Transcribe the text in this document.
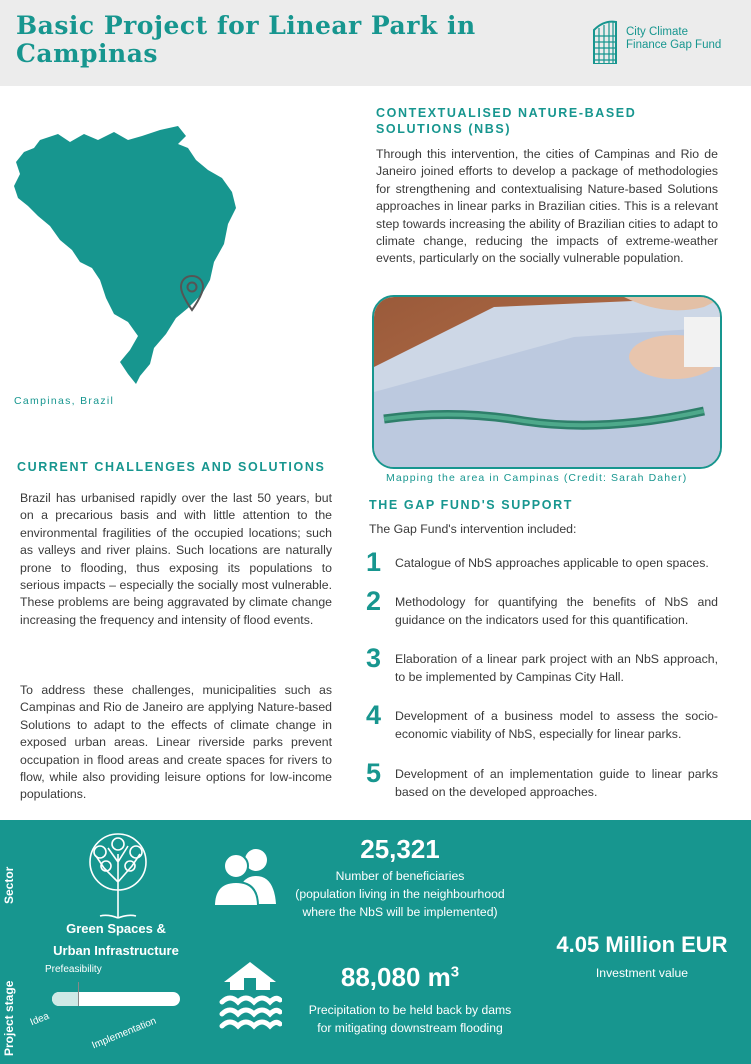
Basic Project for Linear Park in Campinas
City Climate
Finance Gap Fund
Campinas, Brazil
CONTEXTUALISED NATURE-BASED
SOLUTIONS (NBS)
Through this intervention, the cities of Campinas and Rio de Janeiro joined efforts to develop a package of methodologies for strengthening and contextualising Nature-based Solutions approaches in linear parks in Brazilian cities. This is a relevant step towards increasing the ability of Brazilian cities to adapt to climate change, reducing the impacts of extreme-weather events, particularly on the socially vulnerable population.
Mapping the area in Campinas (Credit: Sarah Daher)
CURRENT CHALLENGES AND SOLUTIONS
Brazil has urbanised rapidly over the last 50 years, but on a precarious basis and with little attention to the environmental fragilities of the occupied locations; such as valleys and river plains. Such locations are naturally prone to flooding, thus exposing its populations to serious impacts – especially the socially most vulnerable. These problems are being aggravated by climate change increasing the frequency and intensity of flood events.
To address these challenges, municipalities such as Campinas and Rio de Janeiro are applying Nature-based Solutions to adapt to the effects of climate change in exposed urban areas. Linear riverside parks prevent occupation in flood areas and create spaces for rivers to flow, while also providing leisure options for low-income populations.
THE GAP FUND'S SUPPORT
The Gap Fund's intervention included:
1 Catalogue of NbS approaches applicable to open spaces.
2 Methodology for quantifying the benefits of NbS and guidance on the indicators used for this quantification.
3 Elaboration of a linear park project with an NbS approach, to be implemented by Campinas City Hall.
4 Development of a business model to assess the socio-economic viability of NbS, especially for linear parks.
5 Development of an implementation guide to linear parks based on the developed approaches.
Sector
Project stage
Green Spaces &
Urban Infrastructure
Prefeasibility
Idea	Implementation
25,321
Number of beneficiaries
(population living in the neighbourhood
where the NbS will be implemented)
88,080 $m^3$
Precipitation to be held back by dams
for mitigating downstream flooding
4.05 Million EUR
Investment value
